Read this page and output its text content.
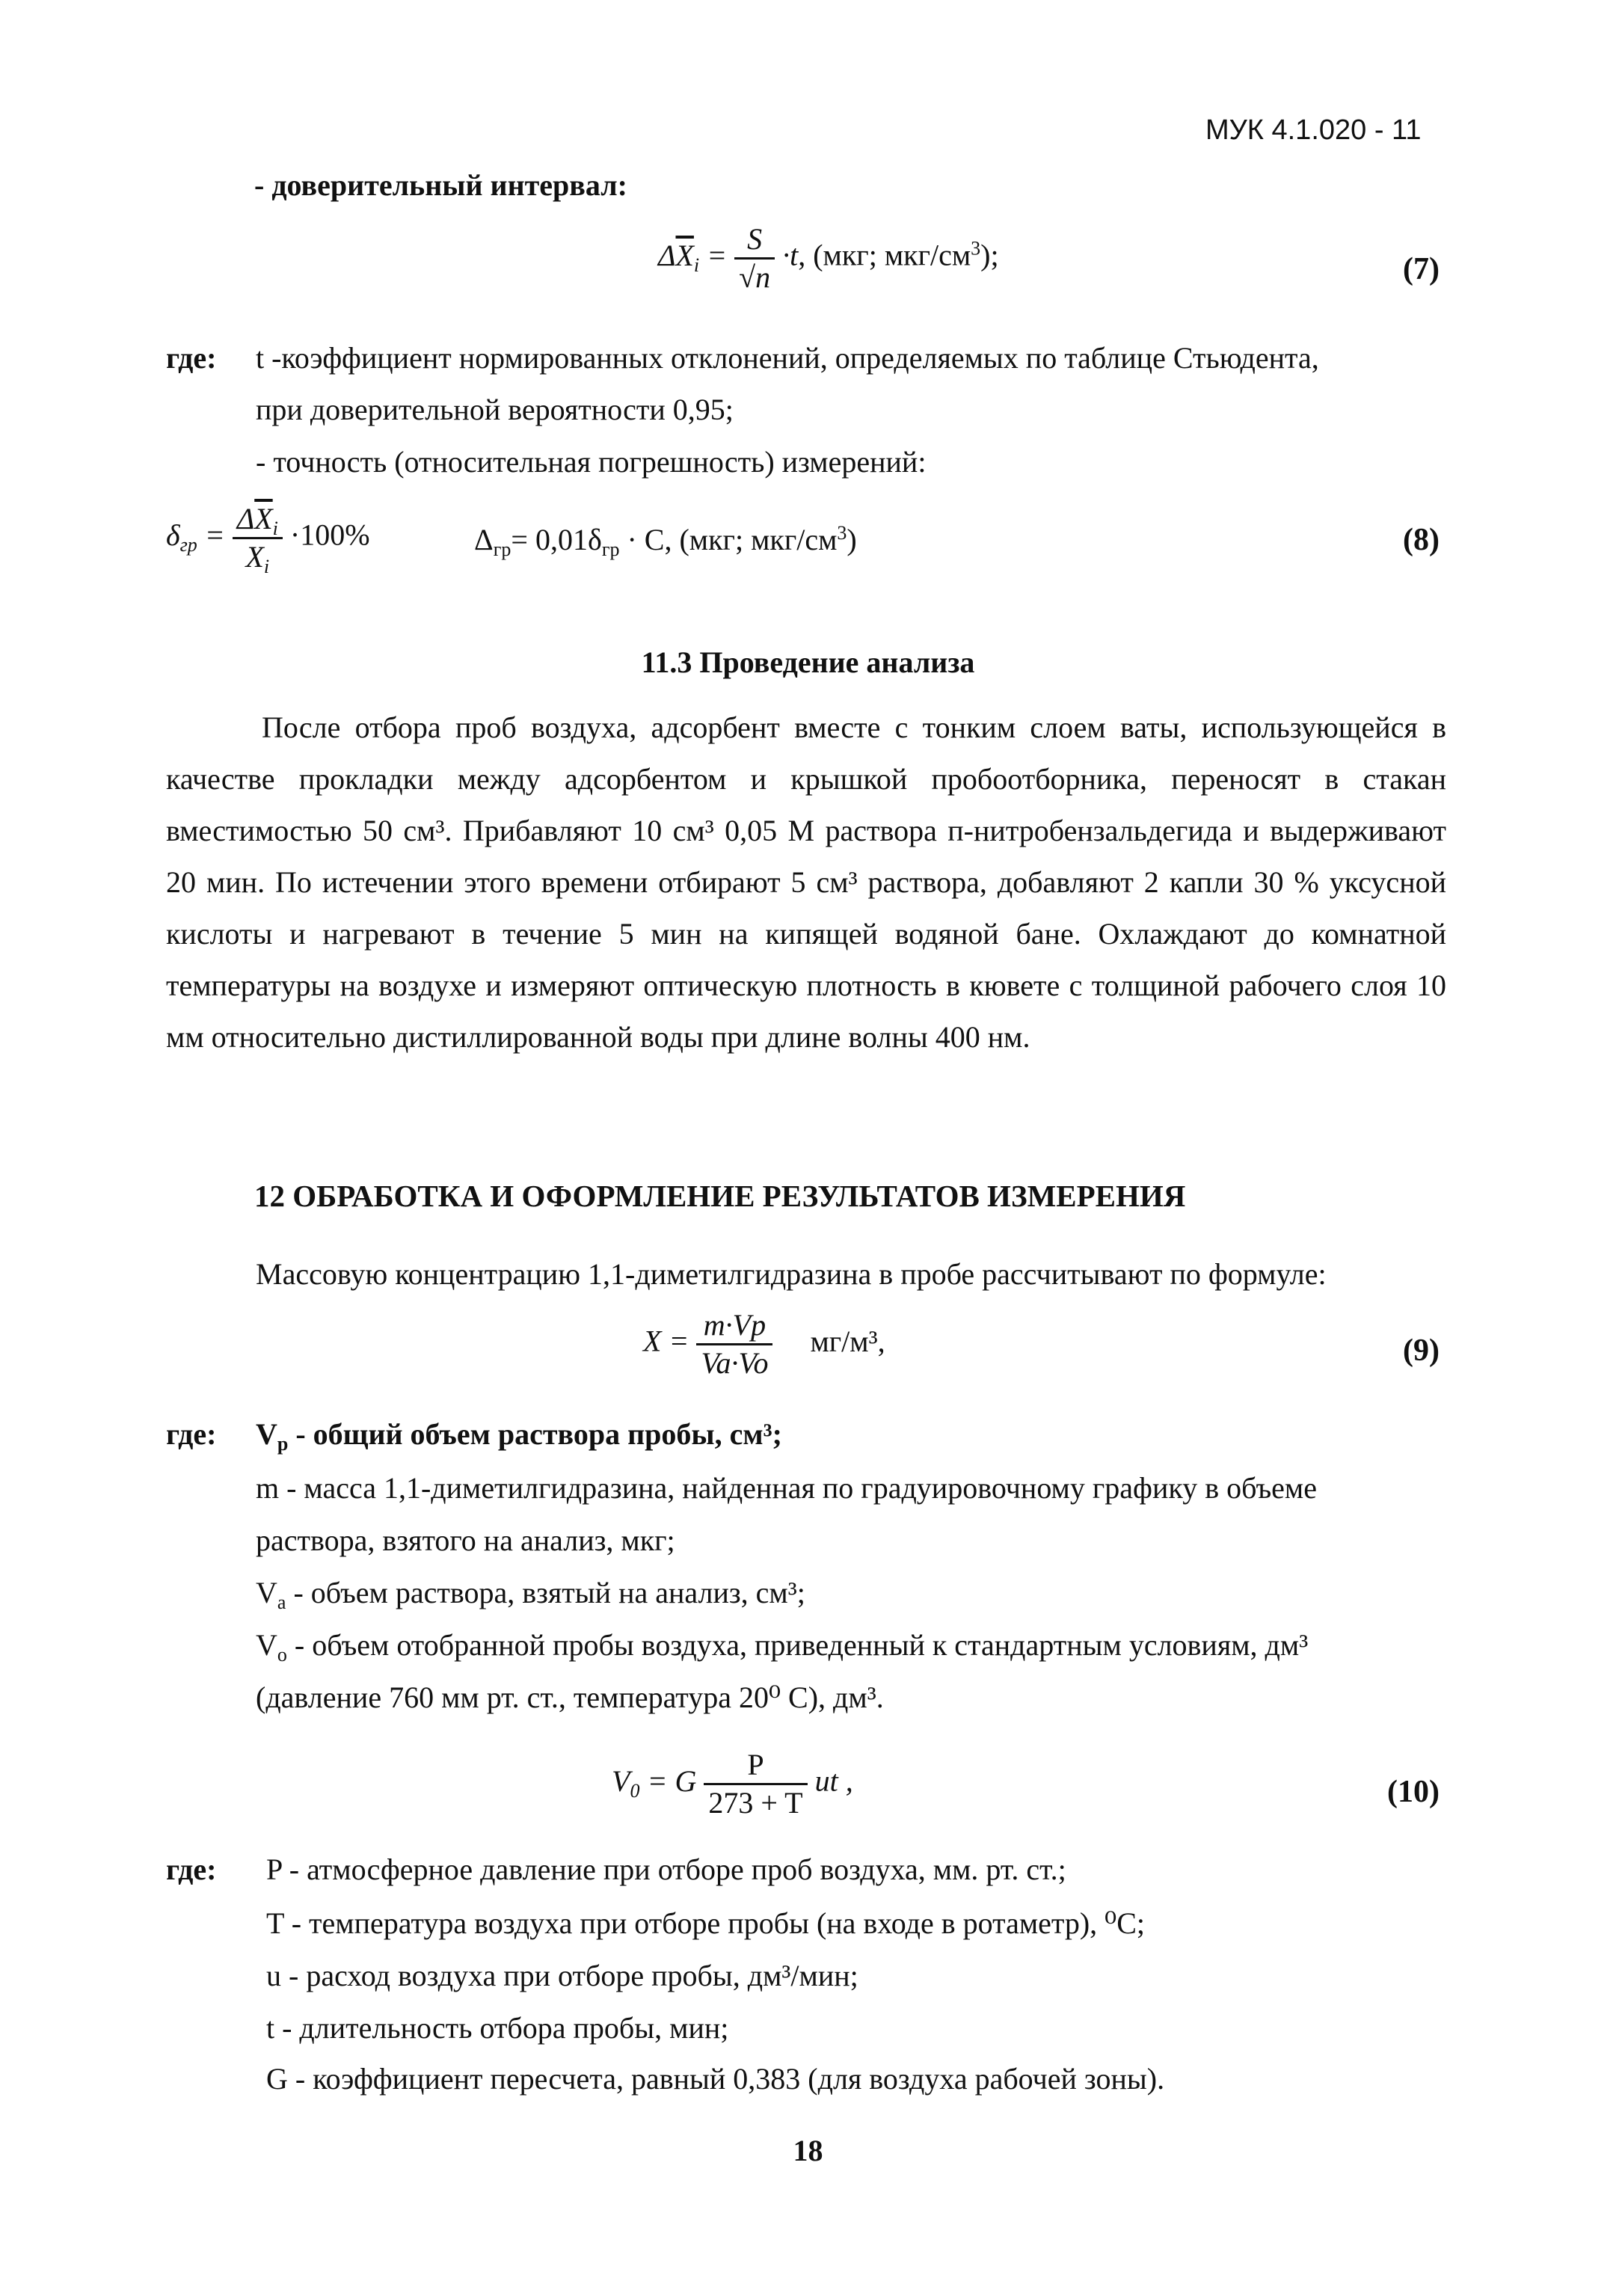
МУК 4.1.020 - 11
- доверительный интервал:
$\Delta\overline{X}_i = \frac{S}{√n} \cdot t$, (мкг; мкг/$см^3$);	(7)
где: t -коэффициент нормированных отклонений, определяемых по таблице Стьюдента,
при доверительной вероятности 0,95;
- точность (относительная погрешность) измерений:
$\delta_{гр} = \frac{\Delta\overline{X}_i}{X_i} \cdot 100\%$	$\Delta_{гр}= 0,01\delta_{гр} \cdot С$, (мкг; мкг/$см^3$)	(8)
11.3 Проведение анализа

После отбора проб воздуха, адсорбент вместе с тонким слоем ваты, использующейся в качестве прокладки между адсорбентом и крышкой пробоотборника, переносят в стакан вместимостью 50 см³. Прибавляют 10 см³ 0,05 М раствора п-нитробензальдегида и выдерживают 20 мин. По истечении этого времени отбирают 5 см³ раствора, добавляют 2 капли 30 % уксусной кислоты и нагревают в течение 5 мин на кипящей водяной бане. Охлаждают до комнатной температуры на воздухе и измеряют оптическую плотность в кювете с толщиной рабочего слоя 10 мм относительно дистиллированной воды при длине волны 400 нм.

12 ОБРАБОТКА И ОФОРМЛЕНИЕ РЕЗУЛЬТАТОВ ИЗМЕРЕНИЯ
Массовую концентрацию 1,1-диметилгидразина в пробе рассчитывают по формуле:
$X = \frac{m\cdot Vp}{Va\cdot Vo} мг/м^3$,	(9)
где: $V_p$ - общий объем раствора пробы, см³;
m - масса 1,1-диметилгидразина, найденная по градуировочному графику в объеме
раствора, взятого на анализ, мкг;
$V_a$ - объем раствора, взятый на анализ, см³;
$V_o$ - объем отобранной пробы воздуха, приведенный к стандартным условиям, дм³
(давление 760 мм рт. ст., температура 20⁰ С), дм³.
$V_0 = G \frac{P}{273 + T}$ ut ,	(10)
где: P - атмосферное давление при отборе проб воздуха, мм. рт. ст.;
T - температура воздуха при отборе пробы (на входе в ротаметр), ⁰С;
u - расход воздуха при отборе пробы, дм³/мин;
t - длительность отбора пробы, мин;
G - коэффициент пересчета, равный 0,383 (для воздуха рабочей зоны).
18
